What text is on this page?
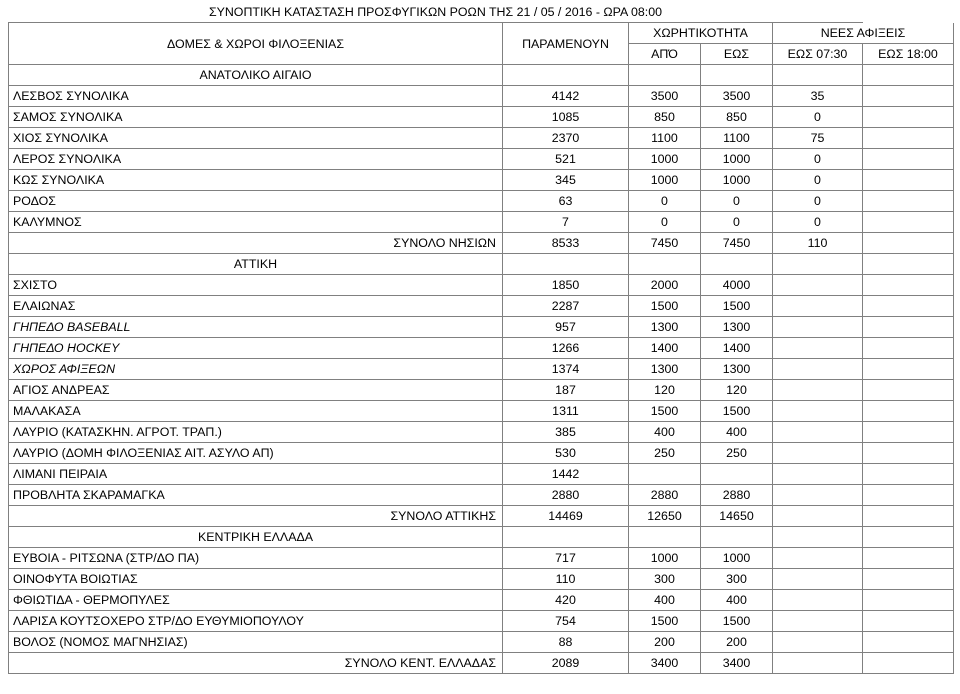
ΣΥΝΟΠΤΙΚΗ ΚΑΤΑΣΤΑΣΗ ΠΡΟΣΦΥΓΙΚΩΝ ΡΟΩΝ ΤΗΣ 21 / 05 / 2016 - ΩΡΑ 08:00					
ΔΟΜΕΣ & ΧΩΡΟΙ ΦΙΛΟΞΕΝΙΑΣ	ΠΑΡΑΜΕΝΟΥΝ	ΧΩΡΗΤΙΚΟΤΗΤΑ		ΝΕΕΣ ΑΦΙΞΕΙΣ	
		ΑΠΌ	ΕΩΣ	ΕΩΣ 07:30	ΕΩΣ 18:00
ΑΝΑΤΟΛΙΚΟ ΑΙΓΑΙΟ					
ΛΕΣΒΟΣ ΣΥΝΟΛΙΚΑ	4142	3500	3500	35	
ΣΑΜΟΣ ΣΥΝΟΛΙΚΑ	1085	850	850	0	
ΧΙΟΣ ΣΥΝΟΛΙΚΑ	2370	1100	1100	75	
ΛΕΡΟΣ ΣΥΝΟΛΙΚΑ	521	1000	1000	0	
ΚΩΣ ΣΥΝΟΛΙΚΑ	345	1000	1000	0	
ΡΟΔΟΣ	63	0	0	0	
ΚΑΛΥΜΝΟΣ	7	0	0	0	
ΣΥΝΟΛΟ ΝΗΣΙΩΝ	8533	7450	7450	110	
ΑΤΤΙΚΗ					
ΣΧΙΣΤΟ	1850	2000	4000		
ΕΛΑΙΩΝΑΣ	2287	1500	1500		
ΓΗΠΕΔΟ BASEBALL	957	1300	1300		
ΓΗΠΕΔΟ HOCKEY	1266	1400	1400		
ΧΩΡΟΣ ΑΦΙΞΕΩΝ	1374	1300	1300		
ΑΓΙΟΣ ΑΝΔΡΕΑΣ	187	120	120		
ΜΑΛΑΚΑΣΑ	1311	1500	1500		
ΛΑΥΡΙΟ (ΚΑΤΑΣΚΗΝ. ΑΓΡΟΤ. ΤΡΑΠ.)	385	400	400		
ΛΑΥΡΙΟ (ΔΟΜΗ ΦΙΛΟΞΕΝΙΑΣ ΑΙΤ. ΑΣΥΛΟ ΑΠ)	530	250	250		
ΛΙΜΑΝΙ ΠΕΙΡΑΙΑ	1442				
ΠΡΟΒΛΗΤΑ ΣΚΑΡΑΜΑΓΚΑ	2880	2880	2880		
ΣΥΝΟΛΟ ΑΤΤΙΚΗΣ	14469	12650	14650		
ΚΕΝΤΡΙΚΗ ΕΛΛΑΔΑ					
ΕΥΒΟΙΑ - ΡΙΤΣΩΝΑ (ΣΤΡ/ΔΟ ΠΑ)	717	1000	1000		
ΟΙΝΟΦΥΤΑ ΒΟΙΩΤΙΑΣ	110	300	300		
ΦΘΙΩΤΙΔΑ - ΘΕΡΜΟΠΥΛΕΣ	420	400	400		
ΛΑΡΙΣΑ ΚΟΥΤΣΟΧΕΡΟ ΣΤΡ/ΔΟ ΕΥΘΥΜΙΟΠΟΥΛΟΥ	754	1500	1500		
ΒΟΛΟΣ (ΝΟΜΟΣ ΜΑΓΝΗΣΙΑΣ)	88	200	200		
ΣΥΝΟΛΟ ΚΕΝΤ. ΕΛΛΑΔΑΣ	2089	3400	3400		
